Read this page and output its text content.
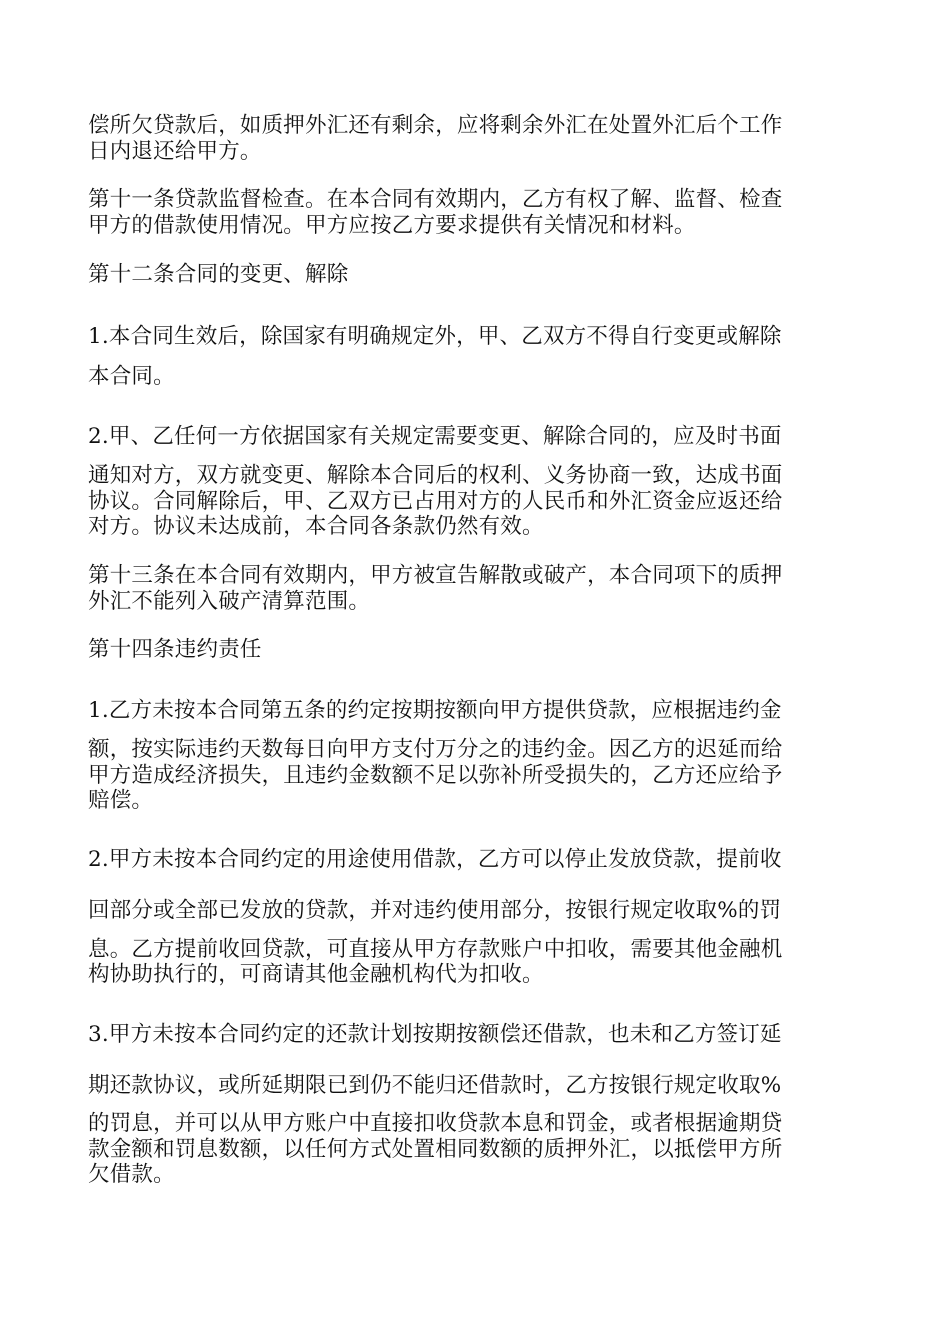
偿所欠贷款后，如质押外汇还有剩余，应将剩余外汇在处置外汇后个工作
日内退还给甲方。
第十一条贷款监督检查。在本合同有效期内，乙方有权了解、监督、检查
甲方的借款使用情况。甲方应按乙方要求提供有关情况和材料。
第十二条合同的变更、解除
1.本合同生效后，除国家有明确规定外，甲、乙双方不得自行变更或解除
本合同。
2.甲、乙任何一方依据国家有关规定需要变更、解除合同的，应及时书面
通知对方，双方就变更、解除本合同后的权利、义务协商一致，达成书面
协议。合同解除后，甲、乙双方已占用对方的人民币和外汇资金应返还给
对方。协议未达成前，本合同各条款仍然有效。
第十三条在本合同有效期内，甲方被宣告解散或破产，本合同项下的质押
外汇不能列入破产清算范围。
第十四条违约责任
1.乙方未按本合同第五条的约定按期按额向甲方提供贷款，应根据违约金
额，按实际违约天数每日向甲方支付万分之的违约金。因乙方的迟延而给
甲方造成经济损失，且违约金数额不足以弥补所受损失的，乙方还应给予
赔偿。
2.甲方未按本合同约定的用途使用借款，乙方可以停止发放贷款，提前收
回部分或全部已发放的贷款，并对违约使用部分，按银行规定收取%的罚
息。乙方提前收回贷款，可直接从甲方存款账户中扣收，需要其他金融机
构协助执行的，可商请其他金融机构代为扣收。
3.甲方未按本合同约定的还款计划按期按额偿还借款，也未和乙方签订延
期还款协议，或所延期限已到仍不能归还借款时，乙方按银行规定收取%
的罚息，并可以从甲方账户中直接扣收贷款本息和罚金，或者根据逾期贷
款金额和罚息数额，以任何方式处置相同数额的质押外汇，以抵偿甲方所
欠借款。
